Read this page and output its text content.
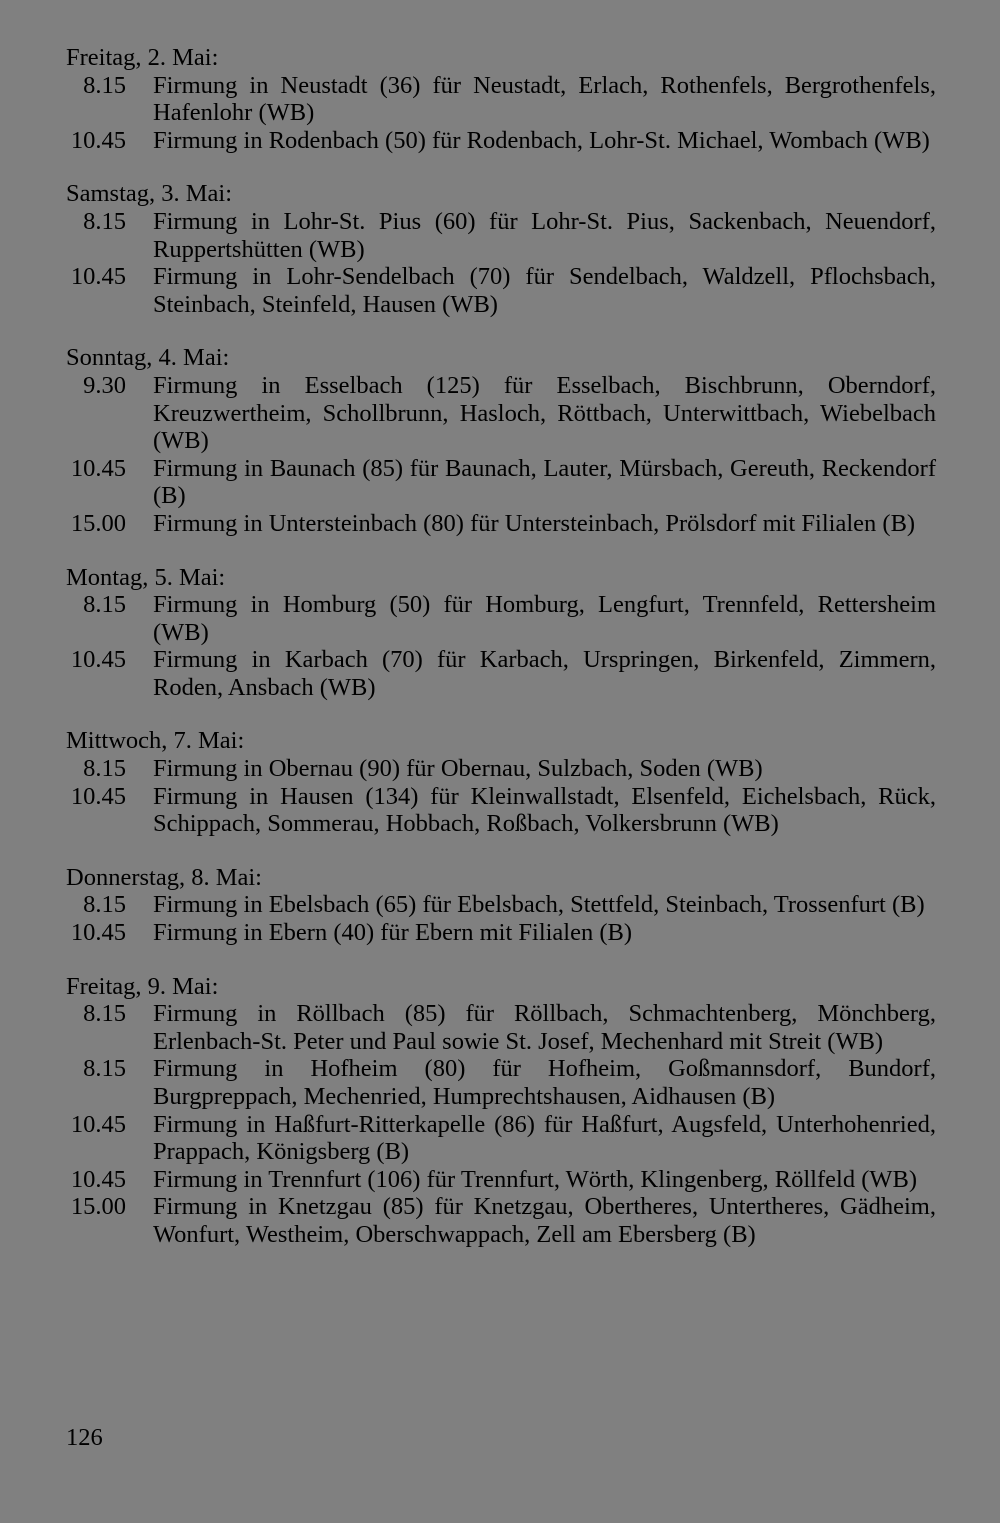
Freitag, 2. Mai:
8.15	Firmung in Neustadt (36) für Neustadt, Erlach, Rothenfels, Bergrothenfels, Hafenlohr (WB)
10.45	Firmung in Rodenbach (50) für Rodenbach, Lohr-St. Michael, Wombach (WB)
Samstag, 3. Mai:
8.15	Firmung in Lohr-St. Pius (60) für Lohr-St. Pius, Sackenbach, Neuendorf, Ruppertshütten (WB)
10.45	Firmung in Lohr-Sendelbach (70) für Sendelbach, Waldzell, Pflochsbach, Steinbach, Steinfeld, Hausen (WB)
Sonntag, 4. Mai:
9.30	Firmung in Esselbach (125) für Esselbach, Bischbrunn, Oberndorf, Kreuzwertheim, Schollbrunn, Hasloch, Röttbach, Unterwittbach, Wiebelbach (WB)
10.45	Firmung in Baunach (85) für Baunach, Lauter, Mürsbach, Gereuth, Reckendorf (B)
15.00	Firmung in Untersteinbach (80) für Untersteinbach, Prölsdorf mit Filialen (B)
Montag, 5. Mai:
8.15	Firmung in Homburg (50) für Homburg, Lengfurt, Trennfeld, Rettersheim (WB)
10.45	Firmung in Karbach (70) für Karbach, Urspringen, Birkenfeld, Zimmern, Roden, Ansbach (WB)
Mittwoch, 7. Mai:
8.15	Firmung in Obernau (90) für Obernau, Sulzbach, Soden (WB)
10.45	Firmung in Hausen (134) für Kleinwallstadt, Elsenfeld, Eichelsbach, Rück, Schippach, Sommerau, Hobbach, Roßbach, Volkersbrunn (WB)
Donnerstag, 8. Mai:
8.15	Firmung in Ebelsbach (65) für Ebelsbach, Stettfeld, Steinbach, Trossenfurt (B)
10.45	Firmung in Ebern (40) für Ebern mit Filialen (B)
Freitag, 9. Mai:
8.15	Firmung in Röllbach (85) für Röllbach, Schmachtenberg, Mönchberg, Erlenbach-St. Peter und Paul sowie St. Josef, Mechenhard mit Streit (WB)
8.15	Firmung in Hofheim (80) für Hofheim, Goßmannsdorf, Bundorf, Burgpreppach, Mechenried, Humprechtshausen, Aidhausen (B)
10.45	Firmung in Haßfurt-Ritterkapelle (86) für Haßfurt, Augsfeld, Unterhohenried, Prappach, Königsberg (B)
10.45	Firmung in Trennfurt (106) für Trennfurt, Wörth, Klingenberg, Röllfeld (WB)
15.00	Firmung in Knetzgau (85) für Knetzgau, Obertheres, Untertheres, Gädheim, Wonfurt, Westheim, Oberschwappach, Zell am Ebersberg (B)
126
